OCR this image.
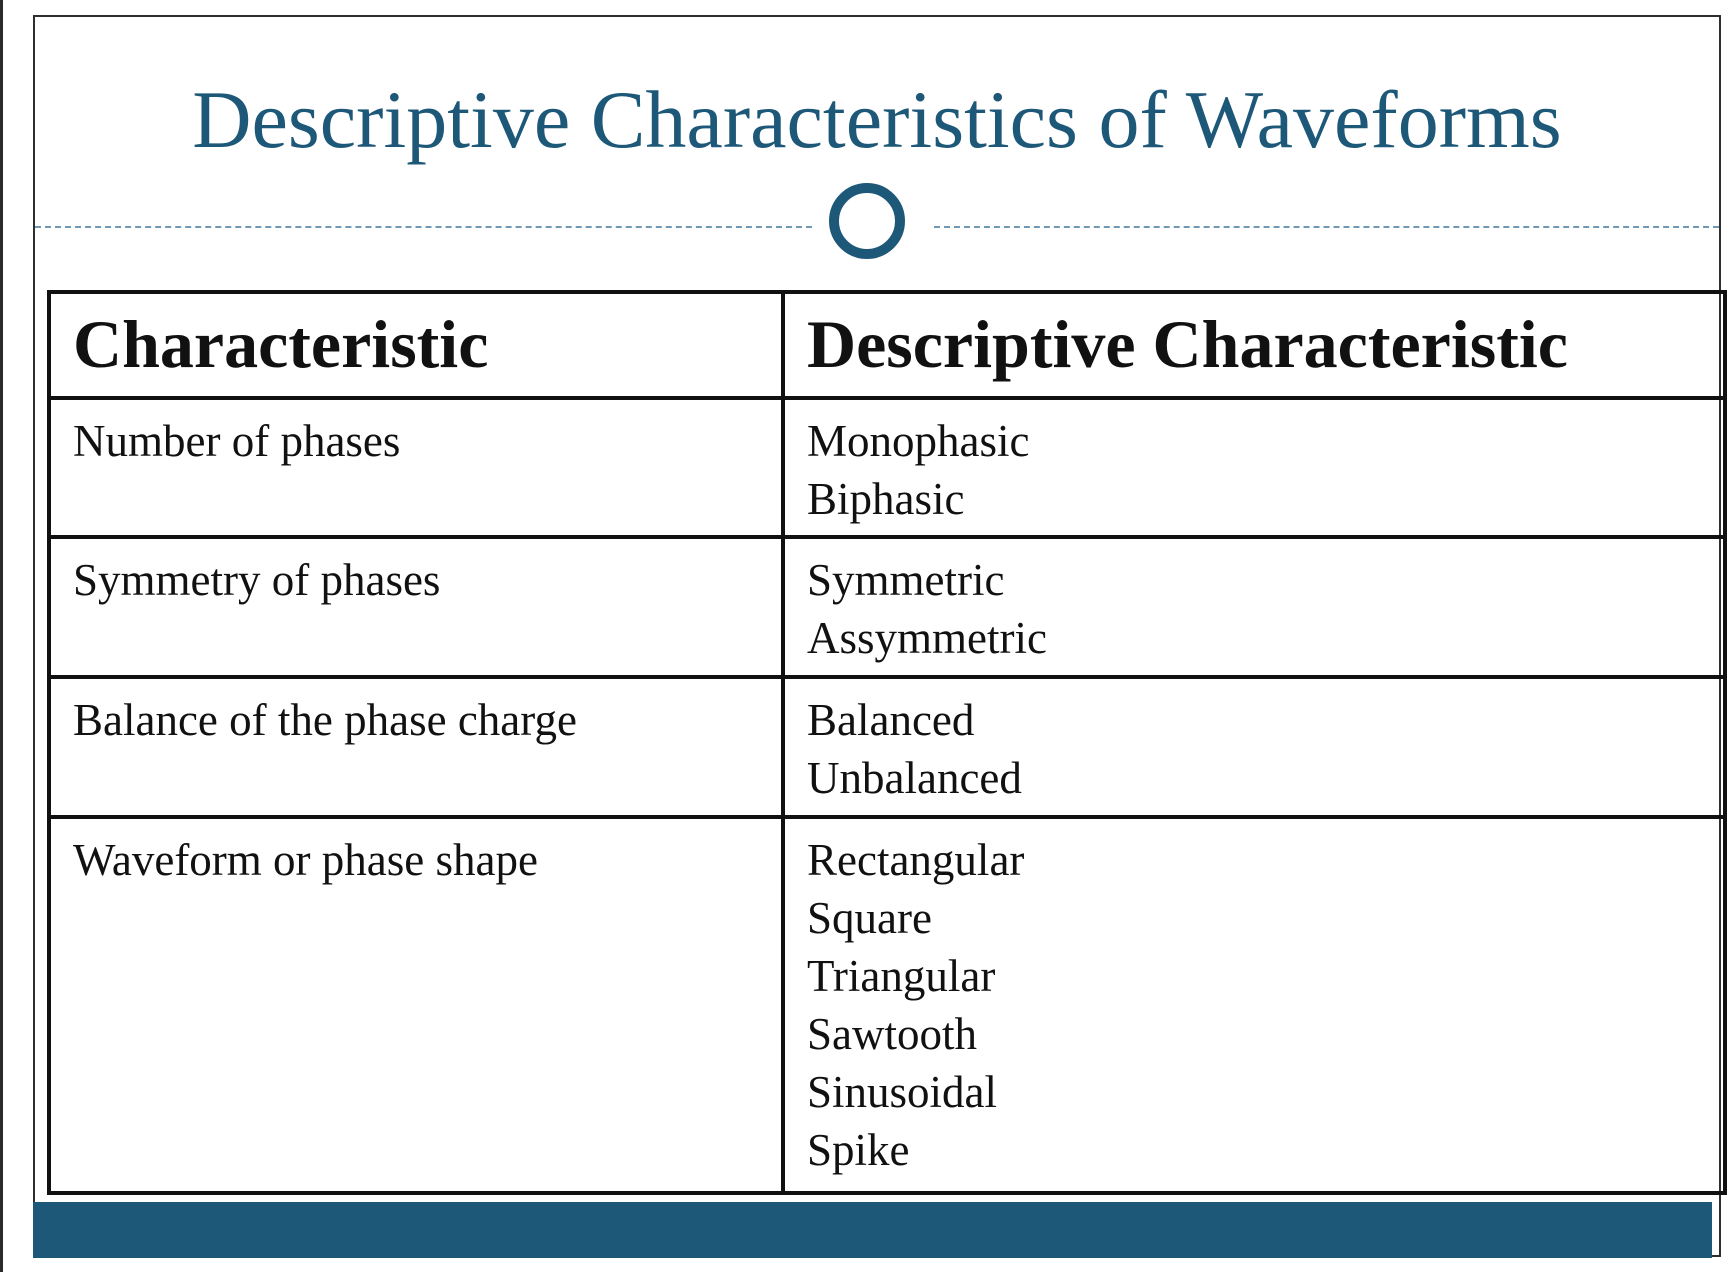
Descriptive Characteristics of Waveforms
Characteristic	Descriptive Characteristic
Number of phases	Monophasic
Biphasic
Symmetry of phases	Symmetric
Assymmetric
Balance of the phase charge	Balanced
Unbalanced
Waveform or phase shape	Rectangular
Square
Triangular
Sawtooth
Sinusoidal
Spike
